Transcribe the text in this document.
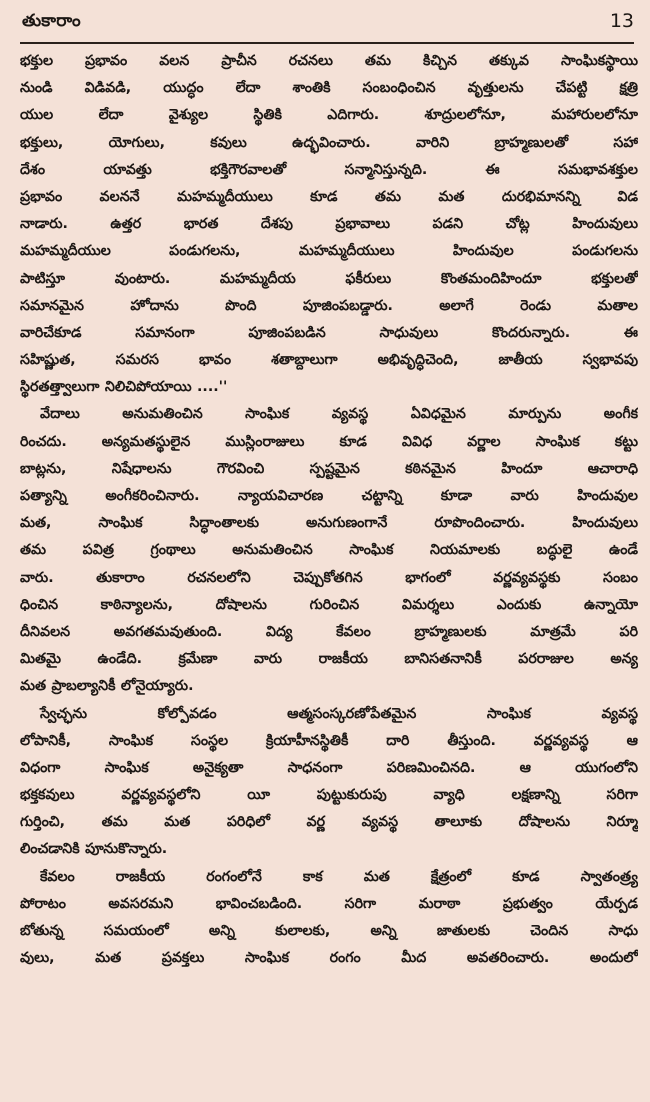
తుకారాం	13
భక్తుల ప్రభావం వలన ప్రాచీన రచనలు తమ కిచ్చిన తక్కువ సాంఘికస్థాయి
నుండి విడివడి, యుద్ధం లేదా శాంతికి సంబంధించిన వృత్తులను చేపట్టి క్షత్రి
యుల లేదా వైశ్యుల స్థితికి ఎదిగారు. శూద్రులలోనూ, మహారులలోనూ
భక్తులు, యోగులు, కవులు ఉద్భవించారు. వారిని బ్రాహ్మణులతో సహా
దేశం యావత్తు భక్తిగౌరవాలతో సన్మానిస్తున్నది. ఈ సమభావశక్తుల
ప్రభావం వలననే మహమ్మదీయులు కూడ తమ మత దురభిమానన్ని విడ
నాడారు. ఉత్తర భారత దేశపు ప్రభావాలు పడని చోట్ల హిందువులు
మహమ్మదీయుల పండుగలను, మహమ్మదీయులు హిందువుల పండుగలను
పాటిస్తూ వుంటారు. మహమ్మదీయ ఫకీరులు కొంతమందిహిందూ భక్తులతో
సమానమైన హోదాను పొంది పూజింపబడ్డారు. అలాగే రెండు మతాల
వారిచేకూడ సమానంగా పూజింపబడిన సాధువులు కొందరున్నారు. ఈ
సహిష్ణుత, సమరస భావం శతాబ్దాలుగా అభివృద్ధిచెంది, జాతీయ స్వభావపు
స్థిరతత్త్వాలుగా నిలిచిపోయాయి ....''
వేదాలు అనుమతించిన సాంఘిక వ్యవస్థ ఏవిధమైన మార్పును అంగీక
రించదు. అన్యమతస్థులైన ముస్లింరాజులు కూడ వివిధ వర్ణాల సాంఘిక కట్టు
బాట్లను, నిషేధాలను గౌరవించి స్పష్టమైన కఠినమైన హిందూ ఆచారాధి
పత్యాన్ని అంగీకరించినారు. న్యాయవిచారణ చట్టాన్ని కూడా వారు హిందువుల
మత, సాంఘిక సిద్ధాంతాలకు అనుగుణంగానే రూపొందించారు. హిందువులు
తమ పవిత్ర గ్రంథాలు అనుమతించిన సాంఘిక నియమాలకు బద్ధులై ఉండే
వారు. తుకారాం రచనలలోని చెప్పుకోతగిన భాగంలో వర్ణవ్యవస్థకు సంబం
ధించిన కాఠిన్యాలను, దోషాలను గురించిన విమర్శలు ఎందుకు ఉన్నాయో
దీనివలన అవగతమవుతుంది. విద్య కేవలం బ్రాహ్మణులకు మాత్రమే పరి
మితమై ఉండేది. క్రమేణా వారు రాజకీయ బానిసతనానికీ పరరాజుల అన్య
మత ప్రాబల్యానికీ లోనైయ్యారు.
స్వేచ్ఛను కోల్పోవడం ఆత్మసంస్కరణోపేతమైన సాంఘిక వ్యవస్థ
లోపానికీ, సాంఘిక సంస్థల క్రియాహీనస్థితికీ దారి తీస్తుంది. వర్ణవ్యవస్థ ఆ
విధంగా సాంఘిక అనైక్యతా సాధనంగా పరిణమించినది. ఆ యుగంలోని
భక్తకవులు వర్ణవ్యవస్థలోని యీ పుట్టుకురుపు వ్యాధి లక్షణాన్ని సరిగా
గుర్తించి, తమ మత పరిధిలో వర్ణ వ్యవస్థ తాలూకు దోషాలను నిర్మూ
లించడానికి పూనుకొన్నారు.
కేవలం రాజకీయ రంగంలోనే కాక మత క్షేత్రంలో కూడ స్వాతంత్ర్య
పోరాటం అవసరమని భావించబడింది. సరిగా మరాఠా ప్రభుత్వం యేర్పడ
బోతున్న సమయంలో అన్ని కులాలకు, అన్ని జాతులకు చెందిన సాధు
వులు, మత ప్రవక్తలు సాంఘిక రంగం మీద అవతరించారు. అందులో
